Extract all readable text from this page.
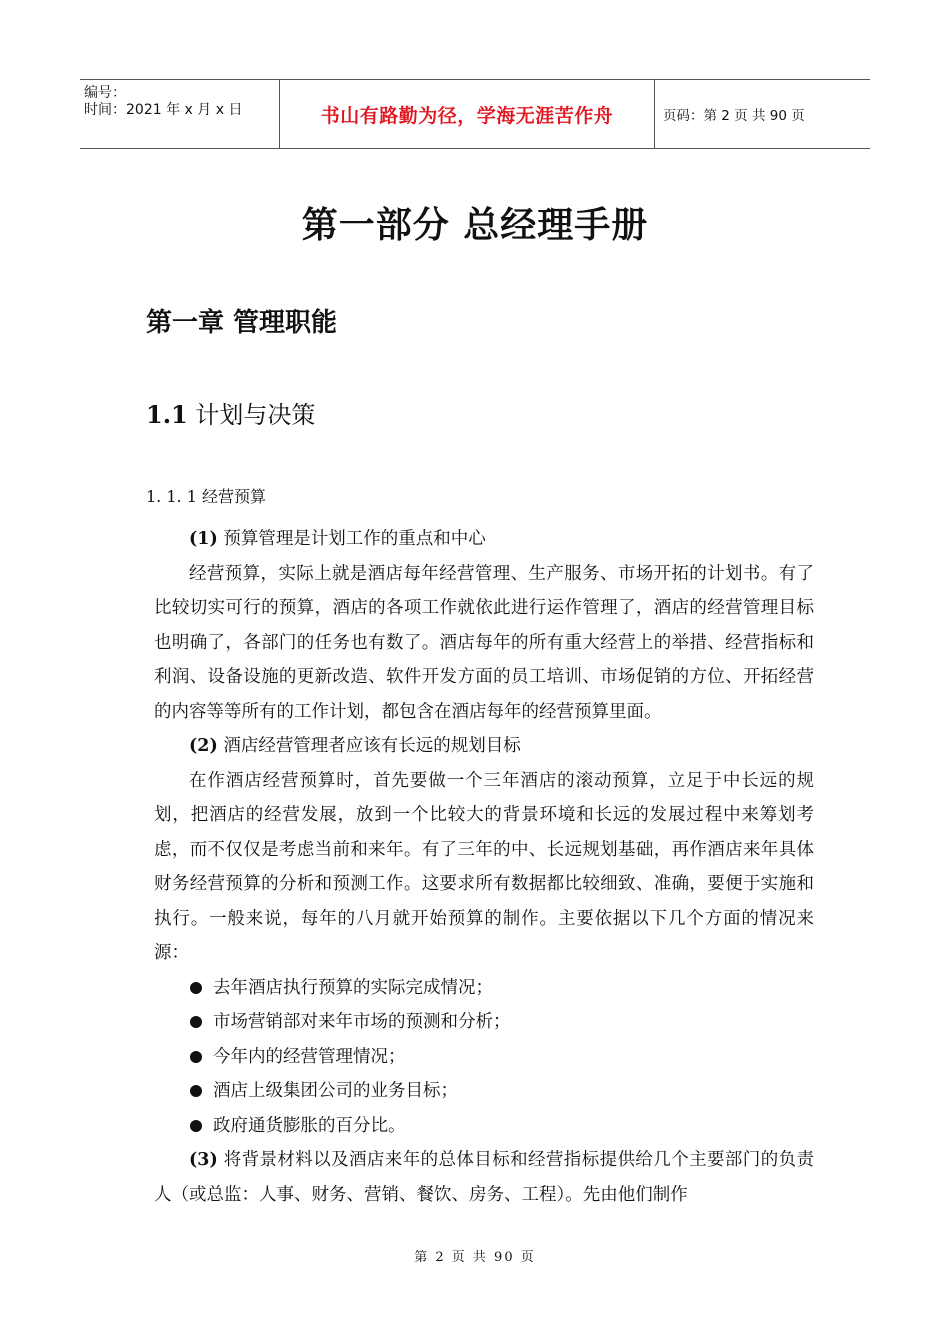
编号：
时间：2021 年 x 月 x 日	书山有路勤为径，学海无涯苦作舟	页码：第 2 页 共 90 页
第一部分 总经理手册
第一章 管理职能
1.1 计划与决策
1. 1. 1 经营预算

(1) 预算管理是计划工作的重点和中心

经营预算，实际上就是酒店每年经营管理、生产服务、市场开拓的计划书。有了比较切实可行的预算，酒店的各项工作就依此进行运作管理了，酒店的经营管理目标也明确了，各部门的任务也有数了。酒店每年的所有重大经营上的举措、经营指标和利润、设备设施的更新改造、软件开发方面的员工培训、市场促销的方位、开拓经营的内容等等所有的工作计划，都包含在酒店每年的经营预算里面。

(2) 酒店经营管理者应该有长远的规划目标

在作酒店经营预算时，首先要做一个三年酒店的滚动预算，立足于中长远的规划，把酒店的经营发展，放到一个比较大的背景环境和长远的发展过程中来筹划考虑，而不仅仅是考虑当前和来年。有了三年的中、长远规划基础，再作酒店来年具体财务经营预算的分析和预测工作。这要求所有数据都比较细致、准确，要便于实施和执行。一般来说，每年的八月就开始预算的制作。主要依据以下几个方面的情况来源：

去年酒店执行预算的实际完成情况；

市场营销部对来年市场的预测和分析；

今年内的经营管理情况；

酒店上级集团公司的业务目标；

政府通货膨胀的百分比。

(3) 将背景材料以及酒店来年的总体目标和经营指标提供给几个主要部门的负责人（或总监：人事、财务、营销、餐饮、房务、工程）。先由他们制作

第 2 页 共 90 页
